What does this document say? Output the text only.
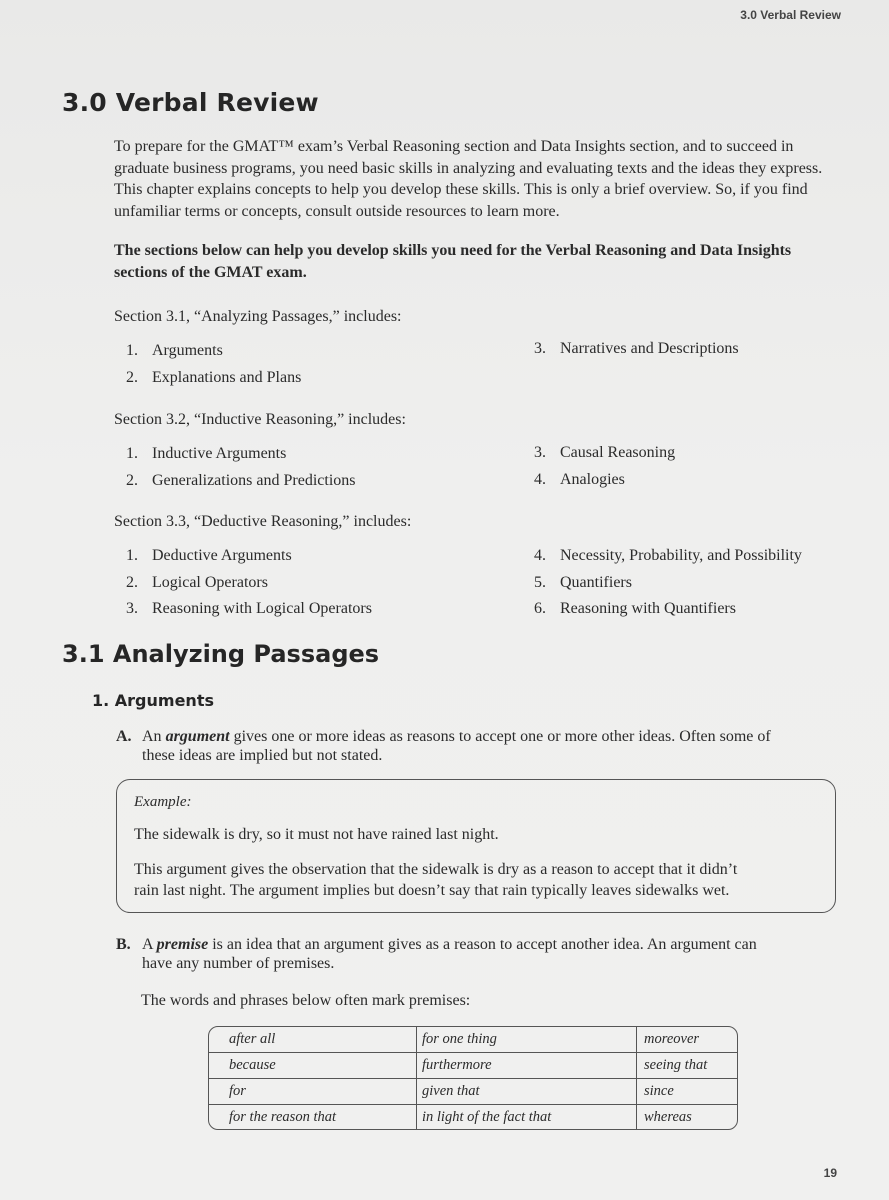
3.0 Verbal Review
3.0 Verbal Review

To prepare for the GMAT™ exam’s Verbal Reasoning section and Data Insights section, and to succeed in graduate business programs, you need basic skills in analyzing and evaluating texts and the ideas they express. This chapter explains concepts to help you develop these skills. This is only a brief overview. So, if you find unfamiliar terms or concepts, consult outside resources to learn more.

The sections below can help you develop skills you need for the Verbal Reasoning and Data Insights sections of the GMAT exam.

Section 3.1, “Analyzing Passages,” includes:

1. Arguments

2. Explanations and Plans

3. Narratives and Descriptions

Section 3.2, “Inductive Reasoning,” includes:

1. Inductive Arguments

2. Generalizations and Predictions

3. Causal Reasoning

4. Analogies

Section 3.3, “Deductive Reasoning,” includes:

1. Deductive Arguments

2. Logical Operators

3. Reasoning with Logical Operators

4. Necessity, Probability, and Possibility

5. Quantifiers

6. Reasoning with Quantifiers

3.1 Analyzing Passages
1. Arguments

A. An argument gives one or more ideas as reasons to accept one or more other ideas. Often some of

these ideas are implied but not stated.

Example:

The sidewalk is dry, so it must not have rained last night.

This argument gives the observation that the sidewalk is dry as a reason to accept that it didn’t

rain last night. The argument implies but doesn’t say that rain typically leaves sidewalks wet.

B. A premise is an idea that an argument gives as a reason to accept another idea. An argument can

have any number of premises.

The words and phrases below often mark premises:

after all
because
for
for the reason that
for one thing
furthermore
given that
in light of the fact that
moreover
seeing that
since
whereas

19
